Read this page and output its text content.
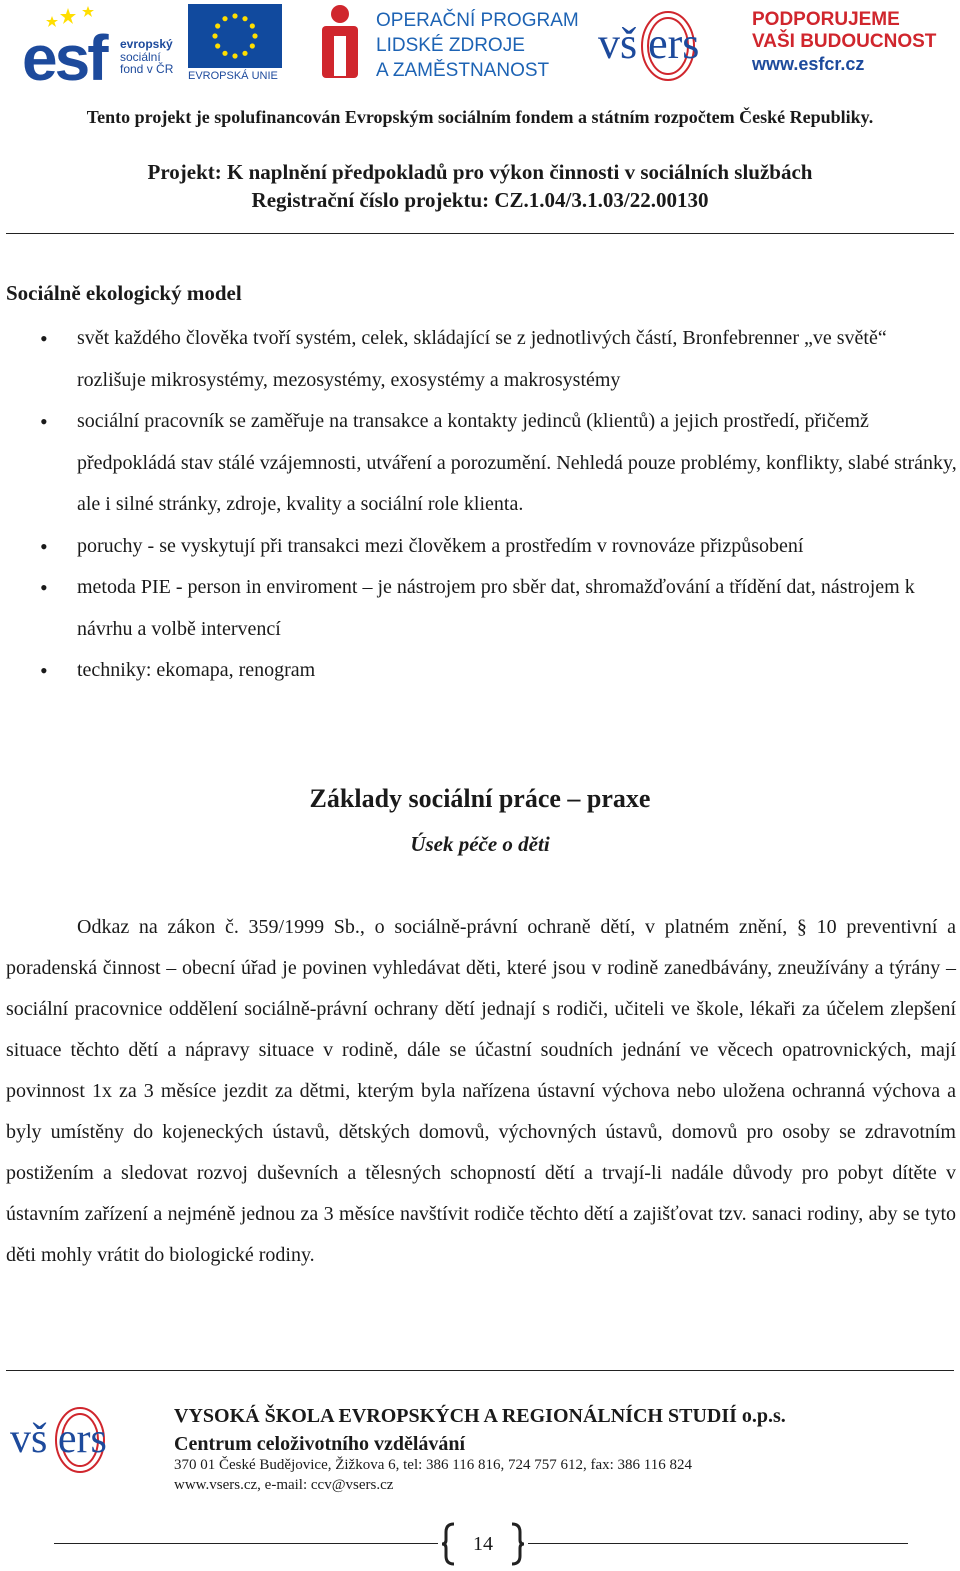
esf	evropský
sociální
fond v ČR EVROPSKÁ UNIE
OPERAČNÍ PROGRAM
LIDSKÉ ZDROJE
A ZAMĚSTNANOST
vš ers	PODPORUJEME
VAŠI BUDOUCNOST
www.esfcr.cz
Tento projekt je spolufinancován Evropským sociálním fondem a státním rozpočtem České Republiky.
Projekt: K naplnění předpokladů pro výkon činnosti v sociálních službách
Registrační číslo projektu: CZ.1.04/3.1.03/22.00130
Sociálně ekologický model
• svět každého člověka tvoří systém, celek, skládající se z jednotlivých částí, Bronfebrenner „ve světě“ rozlišuje mikrosystémy, mezosystémy, exosystémy a makrosystémy
• sociální pracovník se zaměřuje na transakce a kontakty jedinců (klientů) a jejich prostředí, přičemž předpokládá stav stálé vzájemnosti, utváření a porozumění. Nehledá pouze problémy, konflikty, slabé stránky, ale i silné stránky, zdroje, kvality a sociální role klienta.
• poruchy - se vyskytují při transakci mezi člověkem a prostředím v rovnováze přizpůsobení
• metoda PIE - person in enviroment – je nástrojem pro sběr dat, shromažďování a třídění dat, nástrojem k návrhu a volbě intervencí
• techniky: ekomapa, renogram
Základy sociální práce – praxe
Úsek péče o děti
Odkaz na zákon č. 359/1999 Sb., o sociálně-právní ochraně dětí, v platném znění, § 10 preventivní a poradenská činnost – obecní úřad je povinen vyhledávat děti, které jsou v rodině zanedbávány, zneužívány a týrány – sociální pracovnice oddělení sociálně-právní ochrany dětí jednají s rodiči, učiteli ve škole, lékaři za účelem zlepšení situace těchto dětí a nápravy situace v rodině, dále se účastní soudních jednání ve věcech opatrovnických, mají povinnost 1x za 3 měsíce jezdit za dětmi, kterým byla nařízena ústavní výchova nebo uložena ochranná výchova a byly umístěny do kojeneckých ústavů, dětských domovů, výchovných ústavů, domovů pro osoby se zdravotním postižením a sledovat rozvoj duševních a tělesných schopností dětí a trvají-li nadále důvody pro pobyt dítěte v ústavním zařízení a nejméně jednou za 3 měsíce navštívit rodiče těchto dětí a zajišťovat tzv. sanaci rodiny, aby se tyto děti mohly vrátit do biologické rodiny.
vš ers	VYSOKÁ ŠKOLA EVROPSKÝCH A REGIONÁLNÍCH STUDIÍ o.p.s.
Centrum celoživotního vzdělávání
370 01 České Budějovice, Žižkova 6, tel: 386 116 816, 724 757 612, fax: 386 116 824
www.vsers.cz, e-mail: ccv@vsers.cz
14
